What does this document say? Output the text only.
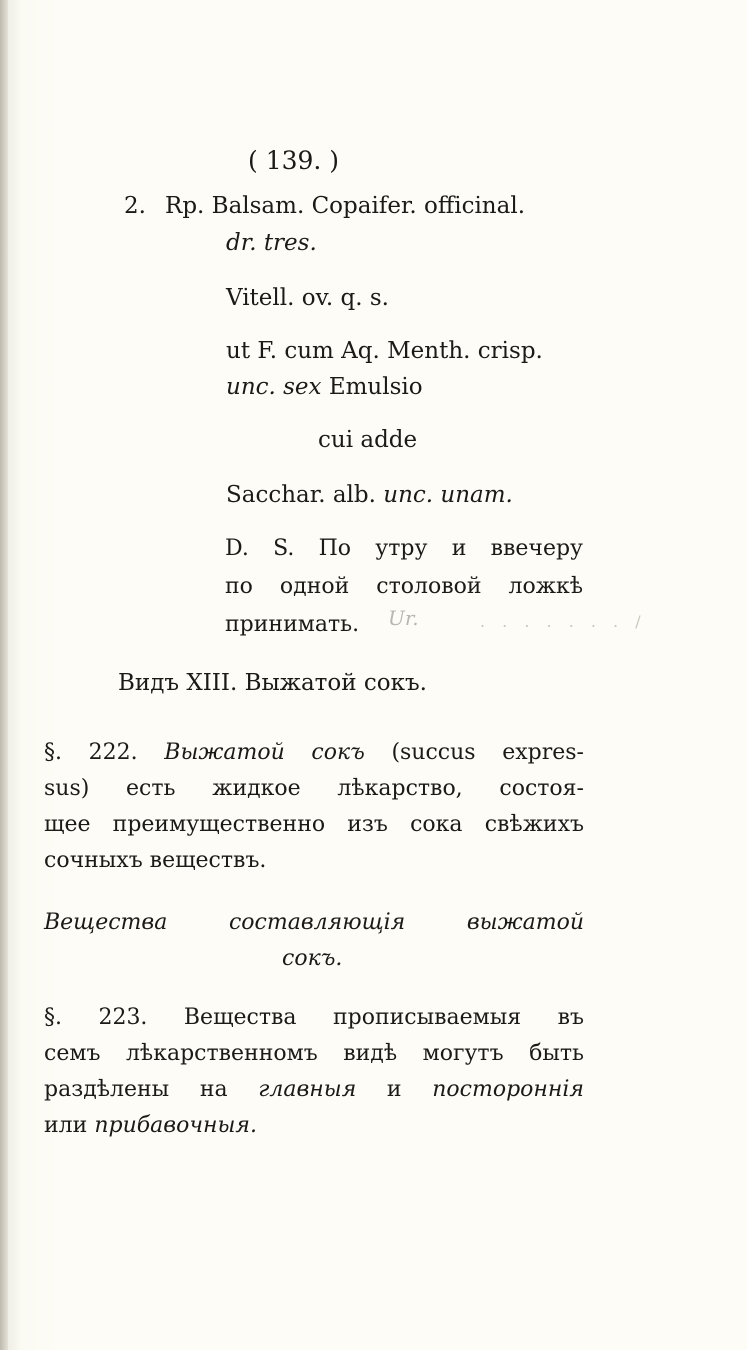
( 139. )
2. Rp. Balsam. Copaifer. officinal.
dr. tres.
Vitell. ov. q. s.
ut F. cum Aq. Menth. crisp.
unc. sex Emulsio
cui adde
Sacchar. alb. unc. unam.
D. S. По утру и ввечеру
по одной столовой ложкѣ
принимать. Ur.	. . . . . . . /
Видъ XIII. Выжатой сокъ.
§. 222. Выжатой сокъ (succus expres-
sus) есть жидкое лѣкарство, состоя-
щее преимущественно изъ сока свѣжихъ
сочныхъ веществъ.
Вещества составляющія выжатой
сокъ.
§. 223. Вещества прописываемыя въ
семъ лѣкарственномъ видѣ могутъ быть
раздѣлены на главныя и постороннія
или прибавочныя.
